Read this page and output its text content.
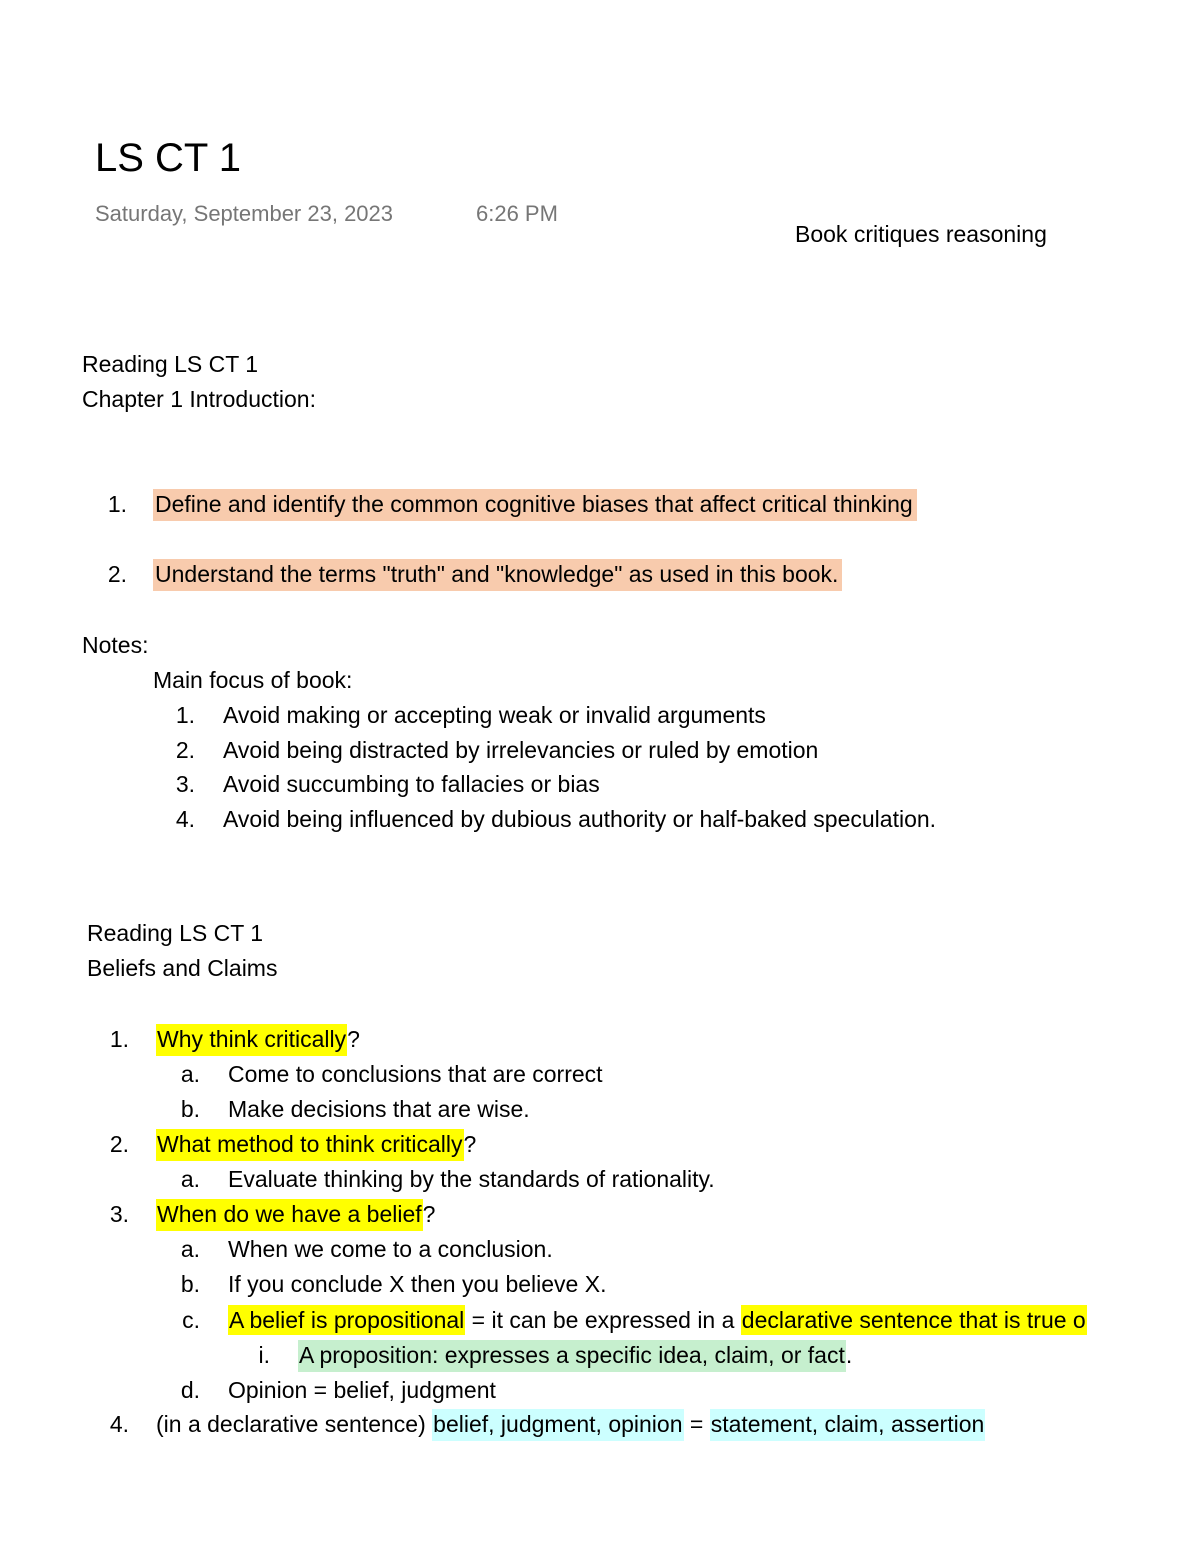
LS CT 1
Saturday, September 23, 2023	6:26 PM
Book critiques reasoning
Reading LS CT 1
Chapter 1 Introduction:
1. Define and identify the common cognitive biases that affect critical thinking
2. Understand the terms "truth" and "knowledge" as used in this book.
Notes:
Main focus of book:
1. Avoid making or accepting weak or invalid arguments
2. Avoid being distracted by irrelevancies or ruled by emotion
3. Avoid succumbing to fallacies or bias
4. Avoid being influenced by dubious authority or half-baked speculation.
Reading LS CT 1
Beliefs and Claims
1. Why think critically?
a. Come to conclusions that are correct
b. Make decisions that are wise.
2. What method to think critically?
a. Evaluate thinking by the standards of rationality.
3. When do we have a belief?
a. When we come to a conclusion.
b. If you conclude X then you believe X.
c. A belief is propositional = it can be expressed in a declarative sentence that is true o
i. A proposition: expresses a specific idea, claim, or fact.
d. Opinion = belief, judgment
4. (in a declarative sentence) belief, judgment, opinion = statement, claim, assertion
